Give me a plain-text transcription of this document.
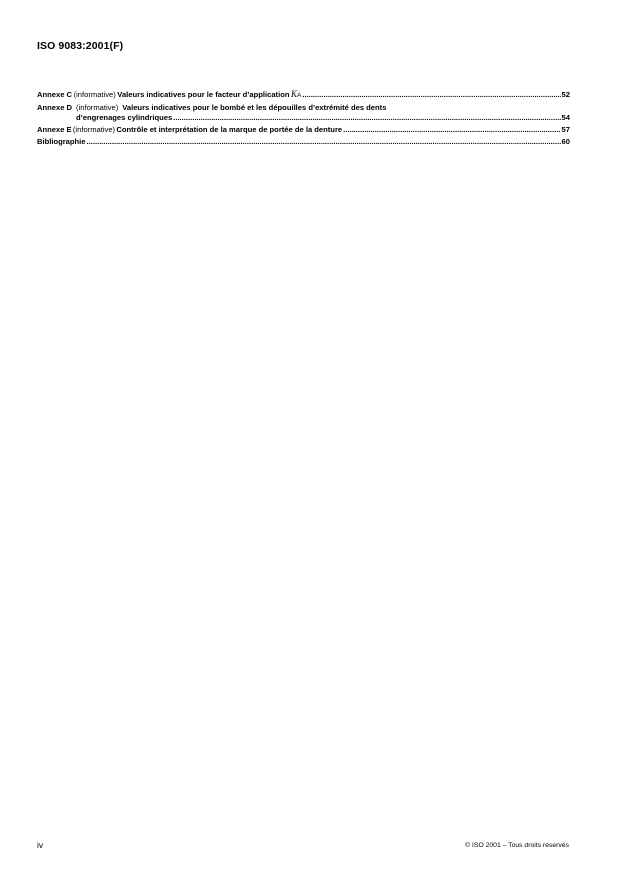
ISO 9083:2001(F)
Annexe C (informative) Valeurs indicatives pour le facteur d’application K A .....	52
Annexe D (informative) Valeurs indicatives pour le bombé et les dépouilles d’extrémité des dents
d’engrenages cylindriques .....	54
Annexe E (informative) Contrôle et interprétation de la marque de portée de la denture .....	57
Bibliographie .....	60
iv	© ISO 2001 – Tous droits réservés
